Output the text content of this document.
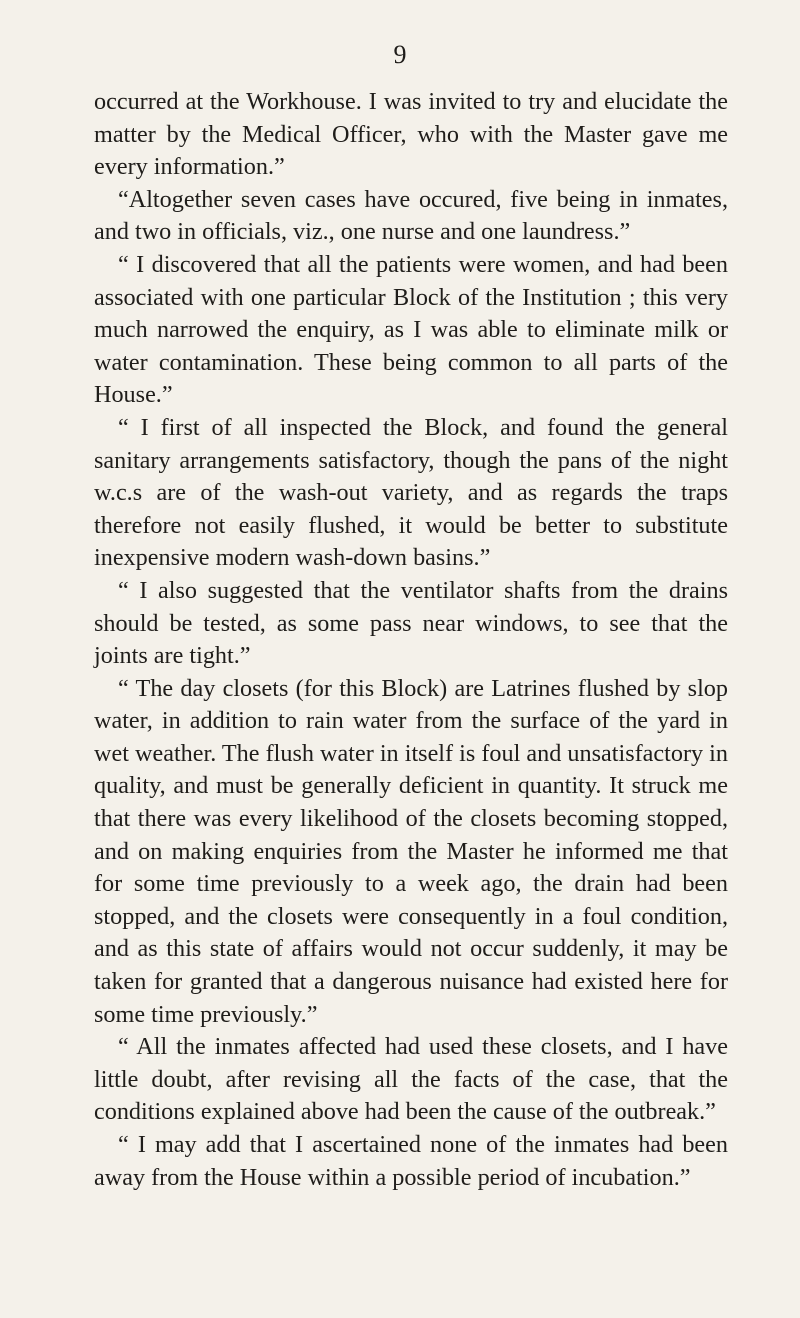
9

occurred at the Workhouse. I was invited to try and elucidate the matter by the Medical Officer, who with the Master gave me every information.”

“Altogether seven cases have occured, five being in inmates, and two in officials, viz., one nurse and one laundress.”

“ I discovered that all the patients were women, and had been associated with one particular Block of the Institution ; this very much narrowed the enquiry, as I was able to eliminate milk or water contamination. These being common to all parts of the House.”

“ I first of all inspected the Block, and found the general sanitary arrangements satisfactory, though the pans of the night w.c.s are of the wash-out variety, and as regards the traps therefore not easily flushed, it would be better to substitute inexpensive modern wash-down basins.”

“ I also suggested that the ventilator shafts from the drains should be tested, as some pass near windows, to see that the joints are tight.”

“ The day closets (for this Block) are Latrines flushed by slop water, in addition to rain water from the surface of the yard in wet weather. The flush water in itself is foul and unsatisfactory in quality, and must be generally deficient in quantity. It struck me that there was every likelihood of the closets becoming stopped, and on making enquiries from the Master he informed me that for some time previously to a week ago, the drain had been stopped, and the closets were consequently in a foul condition, and as this state of affairs would not occur suddenly, it may be taken for granted that a dangerous nuisance had existed here for some time previously.”

“ All the inmates affected had used these closets, and I have little doubt, after revising all the facts of the case, that the conditions explained above had been the cause of the outbreak.”

“ I may add that I ascertained none of the inmates had been away from the House within a possible period of incubation.”
